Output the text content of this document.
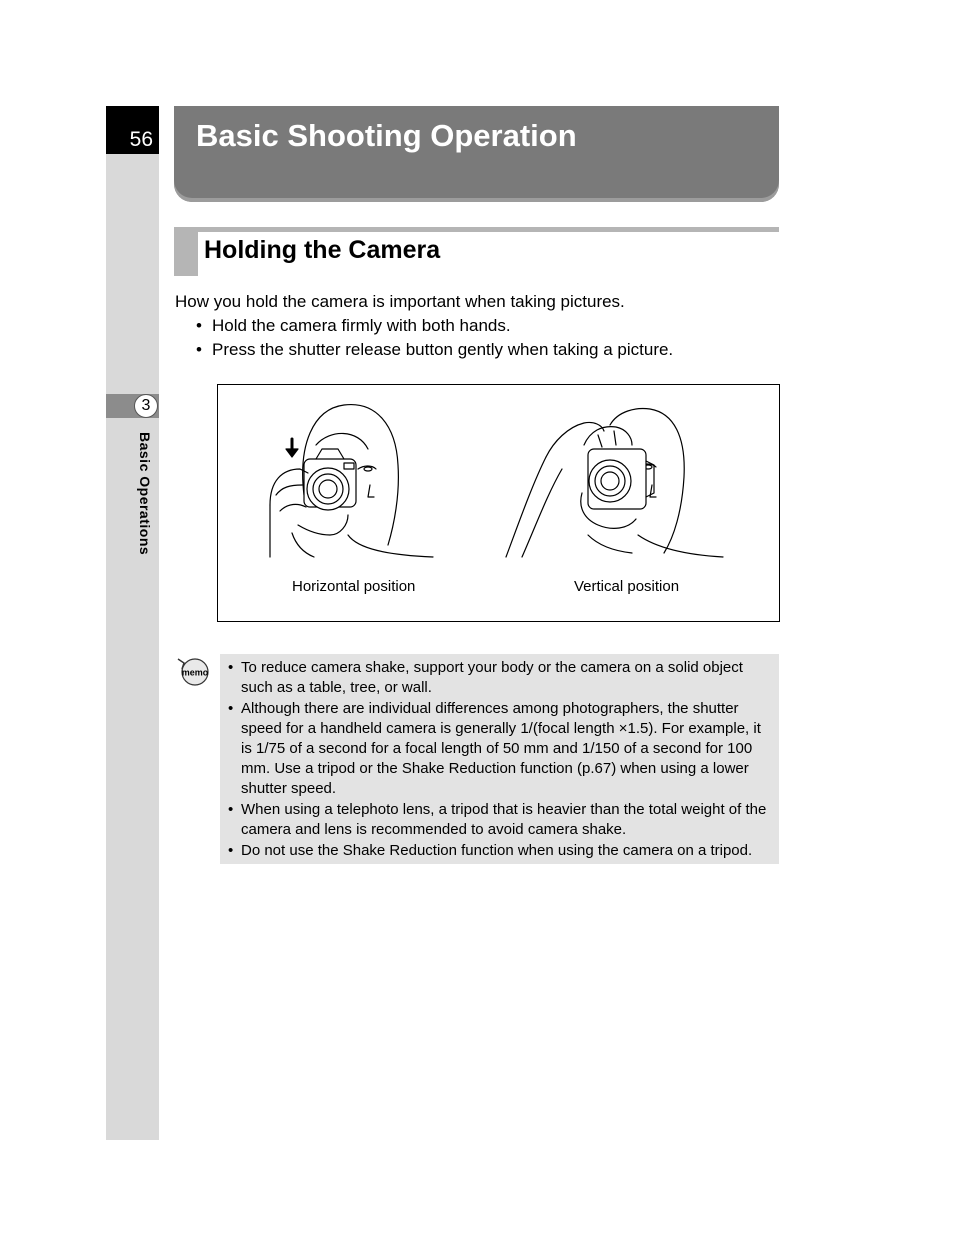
56
3
Basic Operations
Basic Shooting Operation
Holding the Camera
How you hold the camera is important when taking pictures.
• Hold the camera firmly with both hands.
• Press the shutter release button gently when taking a picture.
Horizontal position	Vertical position
memo
•	To reduce camera shake, support your body or the camera on a solid object such as a table, tree, or wall.
• Although there are individual differences among photographers, the shutter speed for a handheld camera is generally 1/(focal length ×1.5). For example, it is 1/75 of a second for a focal length of 50 mm and 1/150 of a second for 100 mm. Use a tripod or the Shake Reduction function (p.67) when using a lower shutter speed.
• When using a telephoto lens, a tripod that is heavier than the total weight of the camera and lens is recommended to avoid camera shake.
• Do not use the Shake Reduction function when using the camera on a tripod.
